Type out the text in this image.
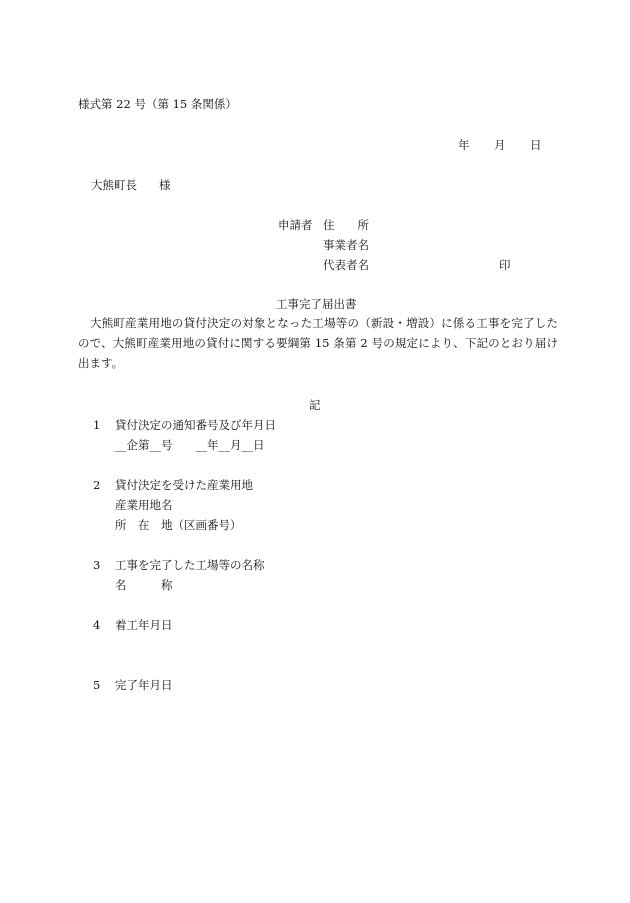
様式第 22 号（第 15 条関係）
年 月 日
大熊町長 様
申請者 住　　所
事業者名
代表者名	印
工事完了届出書
大熊町産業用地の貸付決定の対象となった工場等の（新設・増設）に係る工事を完了したので、大熊町産業用地の貸付に関する要綱第 15 条第 2 号の規定により、下記のとおり届け出ます。
記
1 貸付決定の通知番号及び年月日
__企第__号　　__年__月__日
2 貸付決定を受けた産業用地
産業用地名
所　在　地（区画番号）
3 工事を完了した工場等の名称
名　　　称
4 着工年月日
5 完了年月日
